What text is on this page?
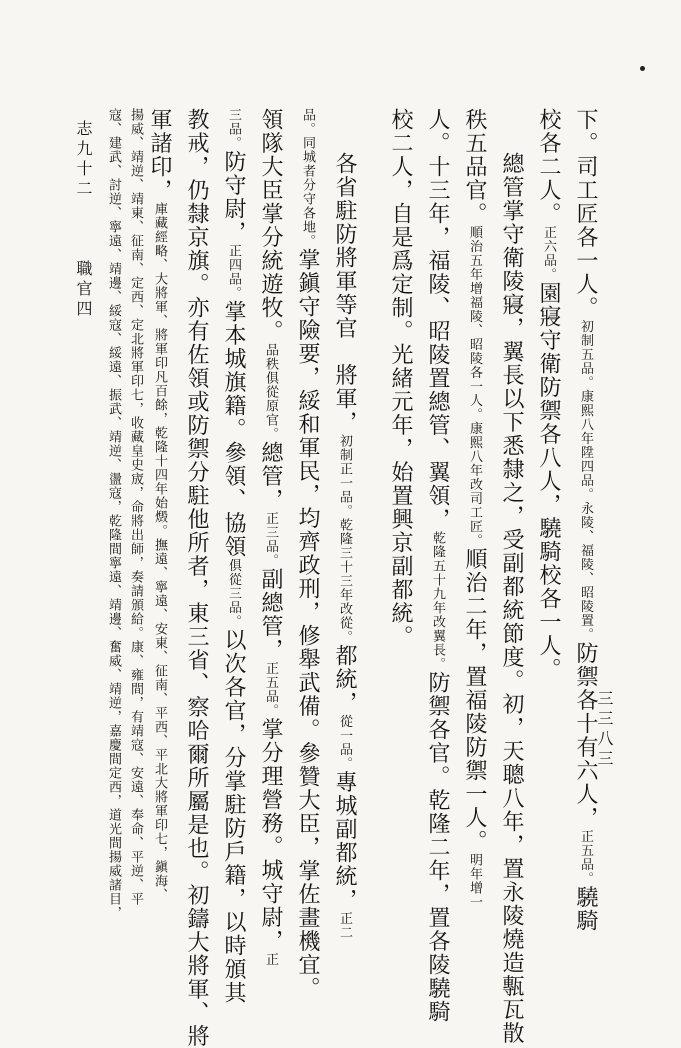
三三八三
志九十二職官四	下。司工匠各一人。初制五品。康熙八年陞四品。永陵、福陵、昭陵置。防禦各十有六人，正五品。驍騎
校各二人。正六品。園寢守衛防禦各八人，驍騎校各一人。
總管掌守衛陵寢，翼長以下悉隸之，受副都統節度。初，天聰八年，置永陵燒造甎瓦散
秩五品官。順治五年增福陵、昭陵各一人。康熙八年改司工匠。順治二年，置福陵防禦一人。明年增一
人。十三年，福陵、昭陵置總管、翼領，乾隆五十九年改翼長。防禦各官。乾隆二年，置各陵驍騎
校二人，自是爲定制。光緒元年，始置興京副都統。
各省駐防將軍等官　將軍，初制正一品。乾隆三十三年改從。都統，從一品。專城副都統，正二
品。同城者分守各地。掌鎭守險要，綏和軍民，均齊政刑，修舉武備。參贊大臣，掌佐畫機宜。
領隊大臣掌分統遊牧。品秩俱從原官。總管，正三品。副總管，正五品。掌分理營務。城守尉，正
三品。防守尉，正四品。掌本城旗籍。參領、協領俱從三品。以次各官，分掌駐防戶籍，以時頒其
教戒，仍隸京旗。亦有佐領或防禦分駐他所者，東三省、察哈爾所屬是也。初鑄大將軍、將
軍諸印，庫藏經略、大將軍、將軍印凡百餘，乾隆十四年始燬。撫遠、寧遠、安東、征南、平西、平北大將軍印七，鎭海、
揚威、靖逆、靖東、征南、定西、定北將軍印七，收藏皇史宬，命將出師，奏請頒給。康、雍間，有靖寇、安遠、奉命、平逆、平
寇、建武、討逆、寧遠、靖邊、綏寇、綏遠、振武、靖逆、盪寇，乾隆間寧遠、靖邊、奮威、靖逆，嘉慶間定西，道光間揚威諸目，
